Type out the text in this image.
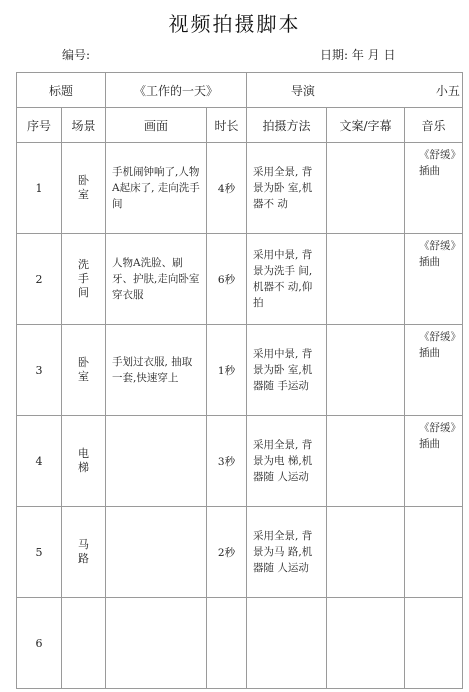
视频拍摄脚本
编号:	日期: 年 月 日
标题		《工作的一天》		导演 小五		
序号	场景	画面	时长	拍摄方法	文案/字幕	音乐
1	卧室	手机闹钟响了,人物A起床了, 走向洗手间	4秒	采用全景, 背景为卧 室,机器不 动		《舒缓》插曲
2	洗手间	人物A洗脸、刷牙、护肤,走向卧室穿衣服	6秒	采用中景, 背景为洗手 间,机器不 动,仰拍		《舒缓》插曲
3	卧室	手划过衣服, 抽取 一套,快速穿上	1秒	采用中景, 背景为卧 室,机器随 手运动		《舒缓》插曲
4	电梯		3秒	采用全景, 背景为电 梯,机器随 人运动		《舒缓》插曲
5	马路		2秒	采用全景, 背景为马 路,机器随 人运动		
6						
